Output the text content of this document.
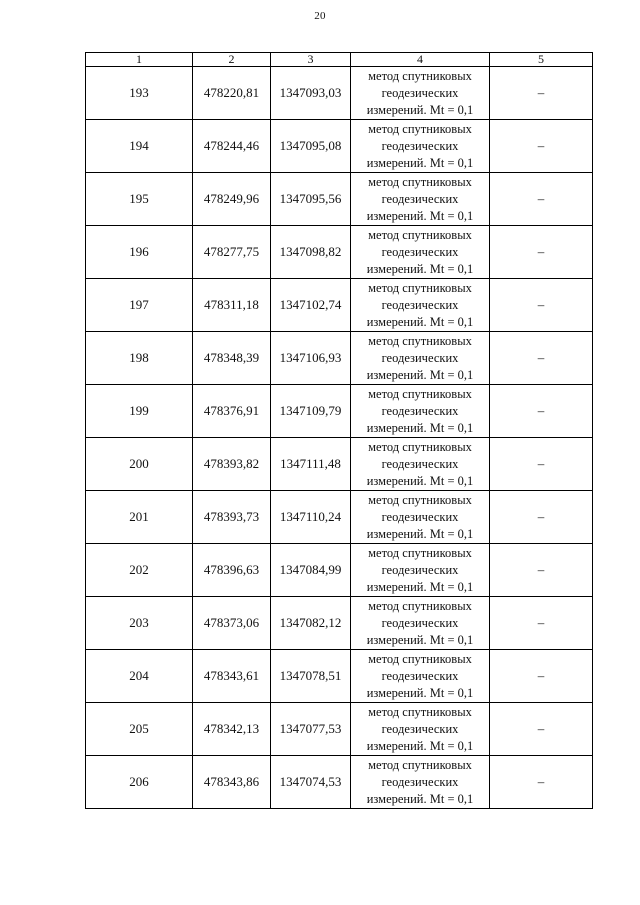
20
1	2	3	4	5
193	478220,81	1347093,03	метод спутниковых
геодезических
измерений. Mt = 0,1	–
194	478244,46	1347095,08	метод спутниковых
геодезических
измерений. Mt = 0,1	–
195	478249,96	1347095,56	метод спутниковых
геодезических
измерений. Mt = 0,1	–
196	478277,75	1347098,82	метод спутниковых
геодезических
измерений. Mt = 0,1	–
197	478311,18	1347102,74	метод спутниковых
геодезических
измерений. Mt = 0,1	–
198	478348,39	1347106,93	метод спутниковых
геодезических
измерений. Mt = 0,1	–
199	478376,91	1347109,79	метод спутниковых
геодезических
измерений. Mt = 0,1	–
200	478393,82	1347111,48	метод спутниковых
геодезических
измерений. Mt = 0,1	–
201	478393,73	1347110,24	метод спутниковых
геодезических
измерений. Mt = 0,1	–
202	478396,63	1347084,99	метод спутниковых
геодезических
измерений. Mt = 0,1	–
203	478373,06	1347082,12	метод спутниковых
геодезических
измерений. Mt = 0,1	–
204	478343,61	1347078,51	метод спутниковых
геодезических
измерений. Mt = 0,1	–
205	478342,13	1347077,53	метод спутниковых
геодезических
измерений. Mt = 0,1	–
206	478343,86	1347074,53	метод спутниковых
геодезических
измерений. Mt = 0,1	–
